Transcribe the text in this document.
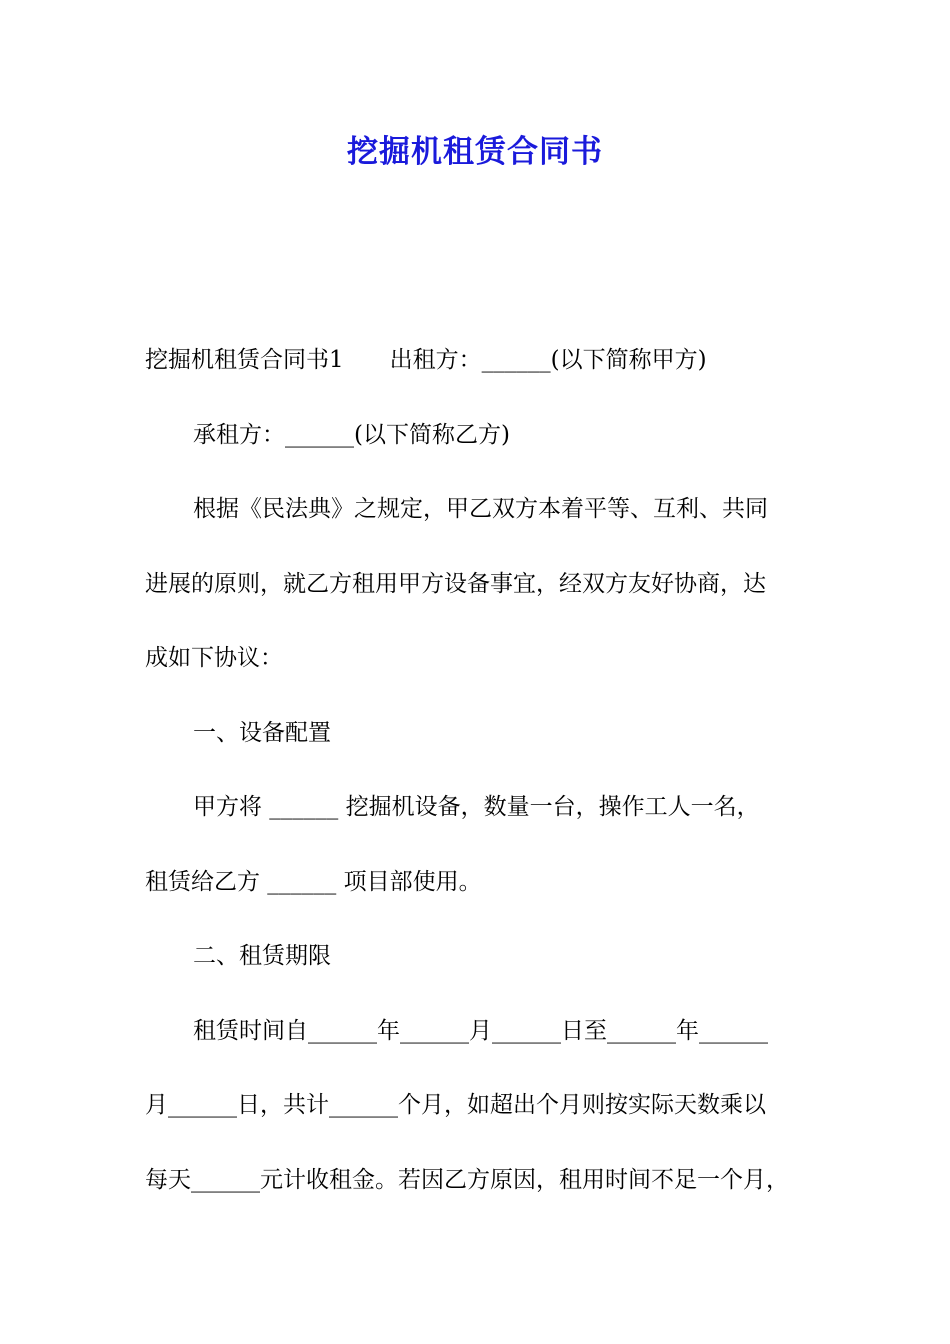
挖掘机租赁合同书
挖掘机租赁合同书1 出租方：______(以下简称甲方)
承租方：______(以下简称乙方)
根据《民法典》之规定，甲乙双方本着平等、互利、共同
进展的原则，就乙方租用甲方设备事宜，经双方友好协商，达
成如下协议：
一、设备配置
甲方将 ______ 挖掘机设备，数量一台，操作工人一名，
租赁给乙方 ______ 项目部使用。
二、租赁期限
租赁时间自______年______月______日至______年______
月______日，共计______个月，如超出个月则按实际天数乘以
每天______元计收租金。若因乙方原因，租用时间不足一个月，
